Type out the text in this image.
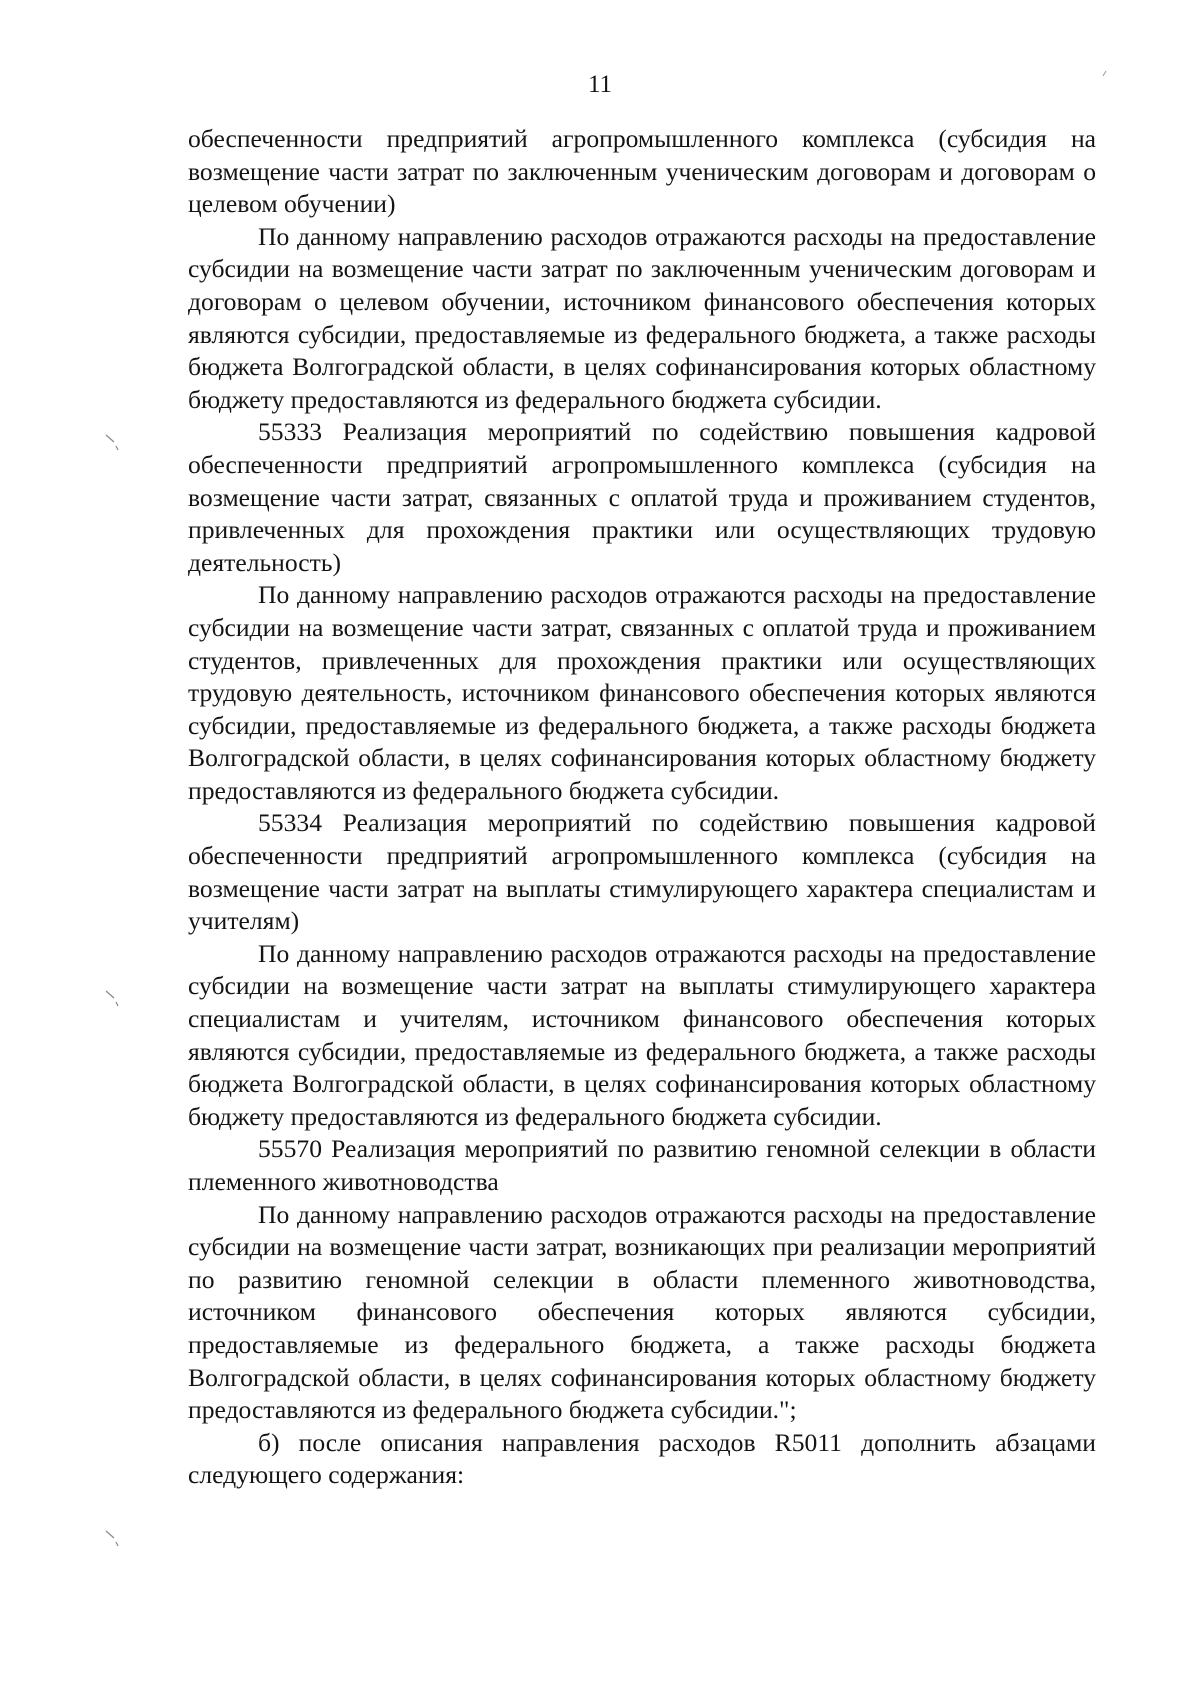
11

обеспеченности предприятий агропромышленного комплекса (субсидия на возмещение части затрат по заключенным ученическим договорам и договорам о целевом обучении)

По данному направлению расходов отражаются расходы на предоставление субсидии на возмещение части затрат по заключенным ученическим договорам и договорам о целевом обучении, источником финансового обеспечения которых являются субсидии, предоставляемые из федерального бюджета, а также расходы бюджета Волгоградской области, в целях софинансирования которых областному бюджету предоставляются из федерального бюджета субсидии.

55333 Реализация мероприятий по содействию повышения кадровой обеспеченности предприятий агропромышленного комплекса (субсидия на возмещение части затрат, связанных с оплатой труда и проживанием студентов, привлеченных для прохождения практики или осуществляющих трудовую деятельность)

По данному направлению расходов отражаются расходы на предоставление субсидии на возмещение части затрат, связанных с оплатой труда и проживанием студентов, привлеченных для прохождения практики или осуществляющих трудовую деятельность, источником финансового обеспечения которых являются субсидии, предоставляемые из федерального бюджета, а также расходы бюджета Волгоградской области, в целях софинансирования которых областному бюджету предоставляются из федерального бюджета субсидии.

55334 Реализация мероприятий по содействию повышения кадровой обеспеченности предприятий агропромышленного комплекса (субсидия на возмещение части затрат на выплаты стимулирующего характера специалистам и учителям)

По данному направлению расходов отражаются расходы на предоставление субсидии на возмещение части затрат на выплаты стимулирующего характера специалистам и учителям, источником финансового обеспечения которых являются субсидии, предоставляемые из федерального бюджета, а также расходы бюджета Волгоградской области, в целях софинансирования которых областному бюджету предоставляются из федерального бюджета субсидии.

55570 Реализация мероприятий по развитию геномной селекции в области племенного животноводства

По данному направлению расходов отражаются расходы на предоставление субсидии на возмещение части затрат, возникающих при реализации мероприятий по развитию геномной селекции в области племенного животноводства, источником финансового обеспечения которых являются субсидии, предоставляемые из федерального бюджета, а также расходы бюджета Волгоградской области, в целях софинансирования которых областному бюджету предоставляются из федерального бюджета субсидии.";

б) после описания направления расходов R5011 дополнить абзацами следующего содержания:
